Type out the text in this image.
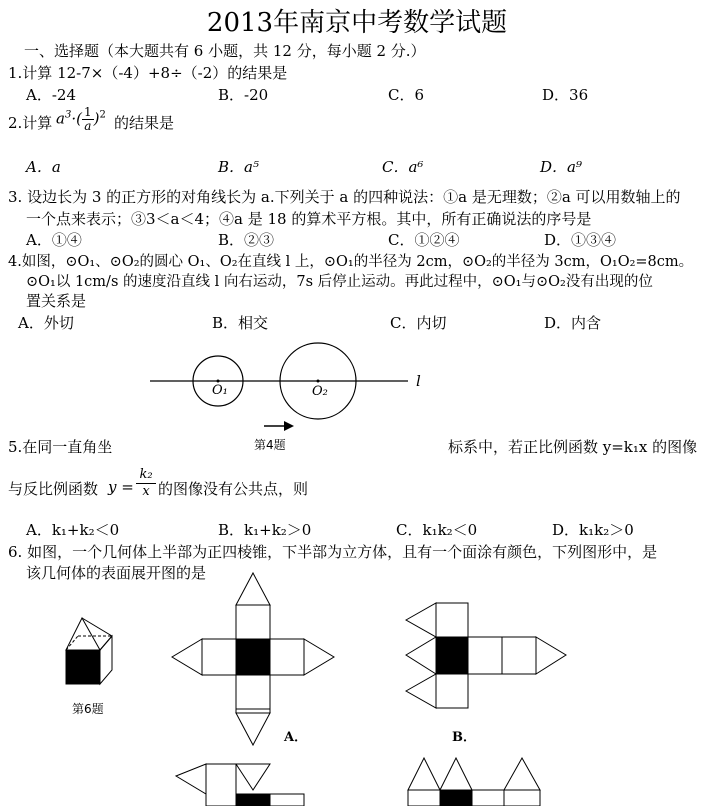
2013年南京中考数学试题
一、选择题（本大题共有 6 小题，共 12 分，每小题 2 分.）
1.计算 12-7×（-4）+8÷（-2）的结果是
A．-24	B．-20	C．6	D．36
2.计算 $a^3\cdot( \frac{1}{a} )^2$ 的结果是
A．a	B．a⁵	C．a⁶	D．a⁹
3. 设边长为 3 的正方形的对角线长为 a.下列关于 a 的四种说法：①a 是无理数；②a 可以用数轴上的
一个点来表示；③3＜a＜4；④a 是 18 的算术平方根。其中，所有正确说法的序号是
A．①④	B．②③	C．①②④	D．①③④
4.如图，⊙O₁、⊙O₂的圆心 O₁、O₂在直线 l 上，⊙O₁的半径为 2cm，⊙O₂的半径为 3cm，O₁O₂=8cm。
⊙O₁以 1cm/s 的速度沿直线 l 向右运动，7s 后停止运动。再此过程中，⊙O₁与⊙O₂没有出现的位
置关系是
A．外切	B．相交	C．内切	D．内含
O₁	O₂
l
第4题
5.在同一直角坐	标系中，若正比例函数 y=k₁x 的图像
与反比例函数 $y = \frac{\text{k₂}}{x}$ 的图像没有公共点，则
A．k₁+k₂＜0	B．k₁+k₂＞0	C．k₁k₂＜0	D．k₁k₂＞0
6. 如图，一个几何体上半部为正四棱锥，下半部为立方体，且有一个面涂有颜色，下列图形中，是
该几何体的表面展开图的是
第6题
A．	B．
